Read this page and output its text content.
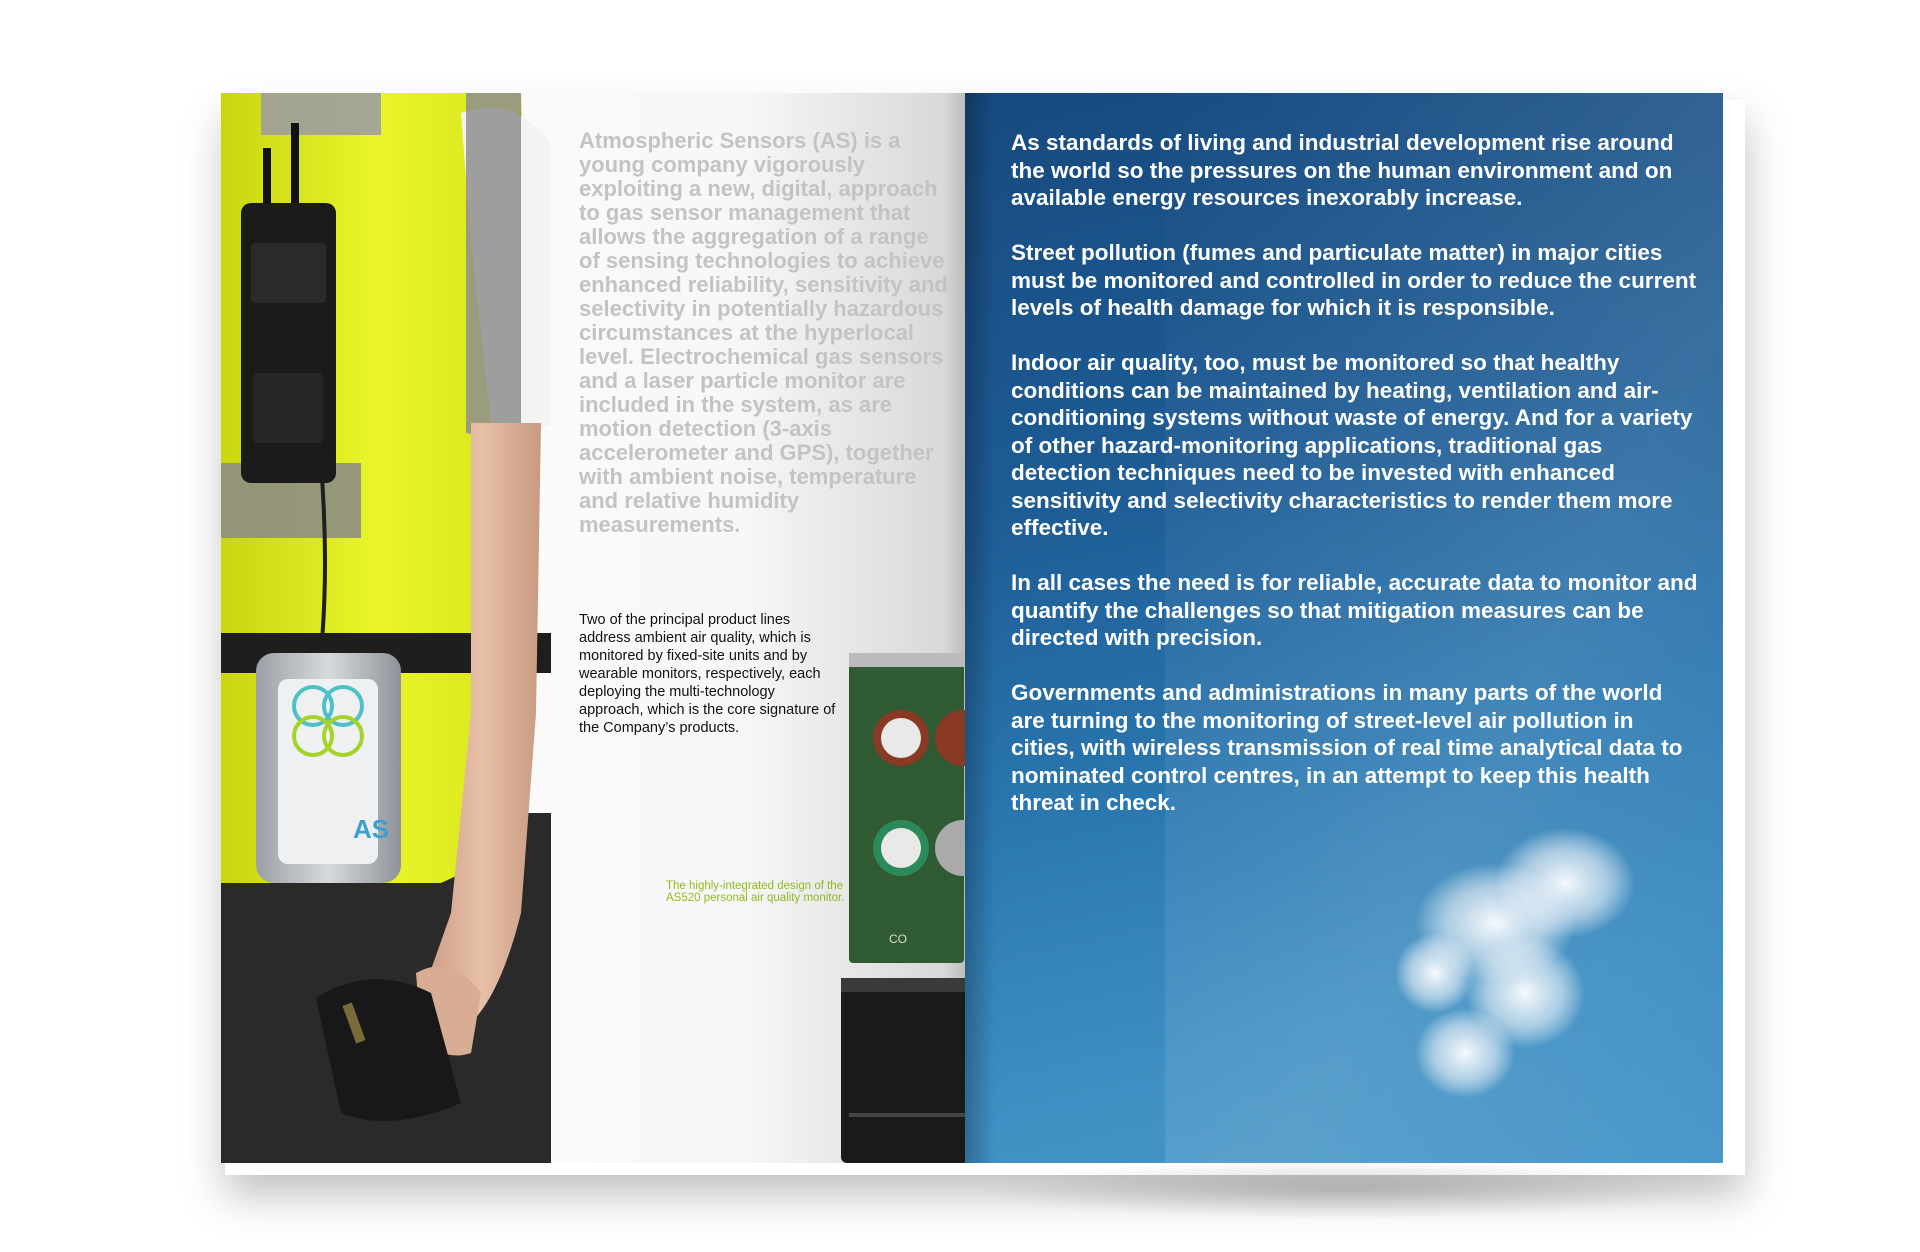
AS
CO
Atmospheric Sensors (AS) is a young company vigorously exploiting a new, digital, approach to gas sensor management that allows the aggregation of a range of sensing technologies to achieve enhanced reliability, sensitivity and selectivity in potentially hazardous circumstances at the hyperlocal level. Electrochemical gas sensors and a laser particle monitor are included in the system, as are motion detection (3-axis accelerometer and GPS), together with ambient noise, temperature and relative humidity measurements.
Two of the principal product lines address ambient air quality, which is monitored by fixed-site units and by wearable monitors, respectively, each deploying the multi-technology approach, which is the core signature of the Company’s products.
The highly-integrated design of the AS520 personal air quality monitor.

As standards of living and industrial development rise around the world so the pressures on the human environment and on available energy resources inexorably increase.

Street pollution (fumes and particulate matter) in major cities must be monitored and controlled in order to reduce the current levels of health damage for which it is responsible.

Indoor air quality, too, must be monitored so that healthy conditions can be maintained by heating, ventilation and air-conditioning systems without waste of energy. And for a variety of other hazard-monitoring applications, traditional gas detection techniques need to be invested with enhanced sensitivity and selectivity characteristics to render them more effective.

In all cases the need is for reliable, accurate data to monitor and quantify the challenges so that mitigation measures can be directed with precision.

Governments and administrations in many parts of the world are turning to the monitoring of street-level air pollution in cities, with wireless transmission of real time analytical data to nominated control centres, in an attempt to keep this health threat in check.
